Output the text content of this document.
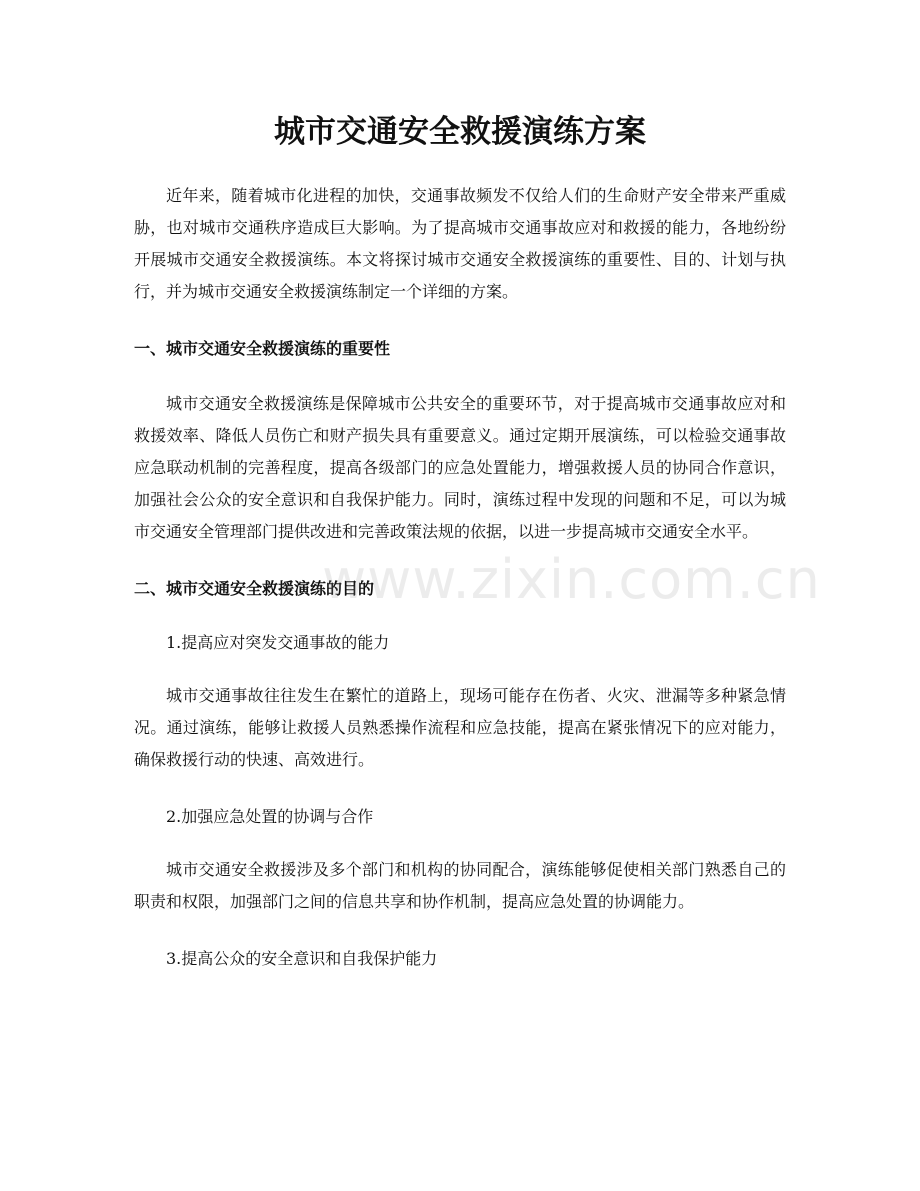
城市交通安全救援演练方案

近年来，随着城市化进程的加快，交通事故频发不仅给人们的生命财产安全带来严重威胁，也对城市交通秩序造成巨大影响。为了提高城市交通事故应对和救援的能力，各地纷纷开展城市交通安全救援演练。本文将探讨城市交通安全救援演练的重要性、目的、计划与执行，并为城市交通安全救援演练制定一个详细的方案。

一、城市交通安全救援演练的重要性

城市交通安全救援演练是保障城市公共安全的重要环节，对于提高城市交通事故应对和救援效率、降低人员伤亡和财产损失具有重要意义。通过定期开展演练，可以检验交通事故应急联动机制的完善程度，提高各级部门的应急处置能力，增强救援人员的协同合作意识，加强社会公众的安全意识和自我保护能力。同时，演练过程中发现的问题和不足，可以为城市交通安全管理部门提供改进和完善政策法规的依据，以进一步提高城市交通安全水平。

二、城市交通安全救援演练的目的
1.提高应对突发交通事故的能力

城市交通事故往往发生在繁忙的道路上，现场可能存在伤者、火灾、泄漏等多种紧急情况。通过演练，能够让救援人员熟悉操作流程和应急技能，提高在紧张情况下的应对能力，确保救援行动的快速、高效进行。

2.加强应急处置的协调与合作

城市交通安全救援涉及多个部门和机构的协同配合，演练能够促使相关部门熟悉自己的职责和权限，加强部门之间的信息共享和协作机制，提高应急处置的协调能力。

3.提高公众的安全意识和自我保护能力
www.zixin.com.cn
